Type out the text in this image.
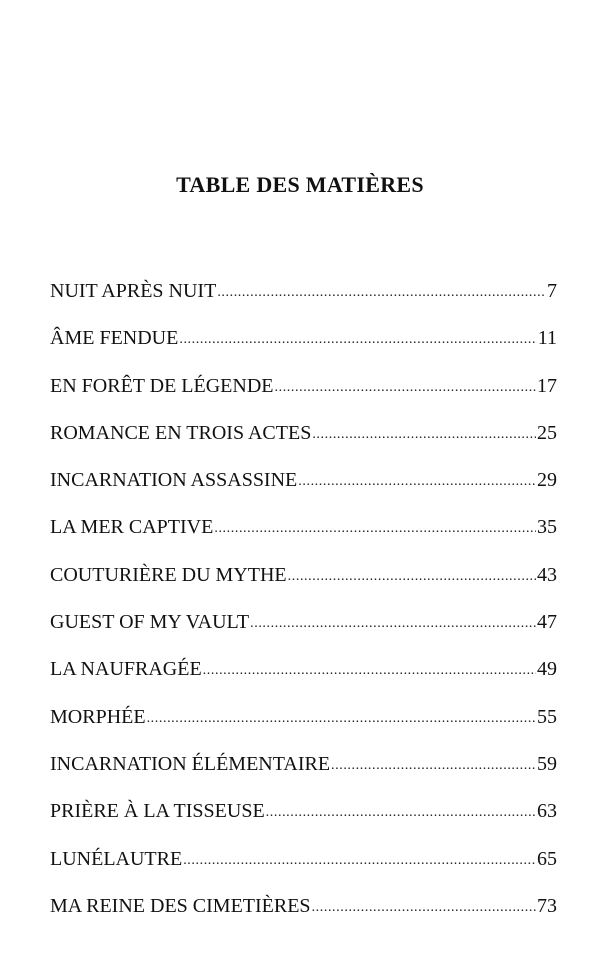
TABLE DES MATIÈRES
NUIT APRÈS NUIT .....	7
ÂME FENDUE .....	11
EN FORÊT DE LÉGENDE .....	17
ROMANCE EN TROIS ACTES .....	25
INCARNATION ASSASSINE .....	29
LA MER CAPTIVE .....	35
COUTURIÈRE DU MYTHE .....	43
GUEST OF MY VAULT .....	47
LA NAUFRAGÉE .....	49
MORPHÉE .....	55
INCARNATION ÉLÉMENTAIRE .....	59
PRIÈRE À LA TISSEUSE .....	63
LUNÉLAUTRE .....	65
MA REINE DES CIMETIÈRES .....	73
